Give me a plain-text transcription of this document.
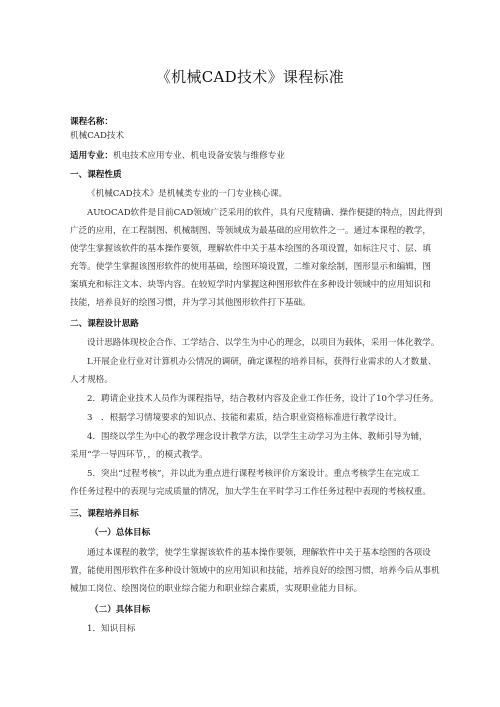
《机械CAD技术》课程标准
课程名称：
机械CAD技术
适用专业：机电技术应用专业、机电设备安装与维修专业
一、课程性质
《机械CAD技术》是机械类专业的一门专业核心课。
AUtOCAD软件是目前CAD领域广泛采用的软件，具有尺度精确、操作便捷的特点，因此得到
广泛的应用，在工程制图、机械制图、等领域成为最基础的应用软件之一。通过本课程的教学，
使学生掌握该软件的基本操作要领，理解软件中关于基本绘图的各项设置，如标注尺寸、层、填
充等。使学生掌握该图形软件的使用基础，绘图环境设置，二维对象绘制，图形显示和编辑，图
案填充和标注文本、块等内容。在较短学时内掌握这种图形软件在多种设计领域中的应用知识和
技能，培养良好的绘图习惯，并为学习其他图形软件打下基础。
二、课程设计思路
设计思路体现校企合作、工学结合、以学生为中心的理念，以项目为载体，采用一体化教学。
L开展企业行业对计算机办公情况的调研，确定课程的培养目标，获得行业需求的人才数量、
人才规格。
2．聘请企业技术人员作为课程指导，结合教材内容及企业工作任务，设计了10个学习任务。
3　．根据学习情境要求的知识点、技能和素质，结合职业资格标准进行教学设计。
4．围绕以学生为中心的教学理念设计教学方法，以学生主动学习为主体、教师引导为辅，
采用“学一导四环节，，的模式教学。
5．突出“过程考核”，并以此为重点进行课程考核评价方案设计。重点考核学生在完成工
作任务过程中的表现与完成质量的情况，加大学生在平时学习工作任务过程中表现的考核权重。
三、课程培养目标
（一）总体目标
通过本课程的教学，使学生掌握该软件的基本操作要领，理解软件中关于基本绘图的各项设
置，能使用图形软件在多种设计领域中的应用知识和技能，培养良好的绘图习惯，培养今后从事机
械加工岗位、绘图岗位的职业综合能力和职业综合素质，实现职业能力目标。
（二）具体目标
1．知识目标
